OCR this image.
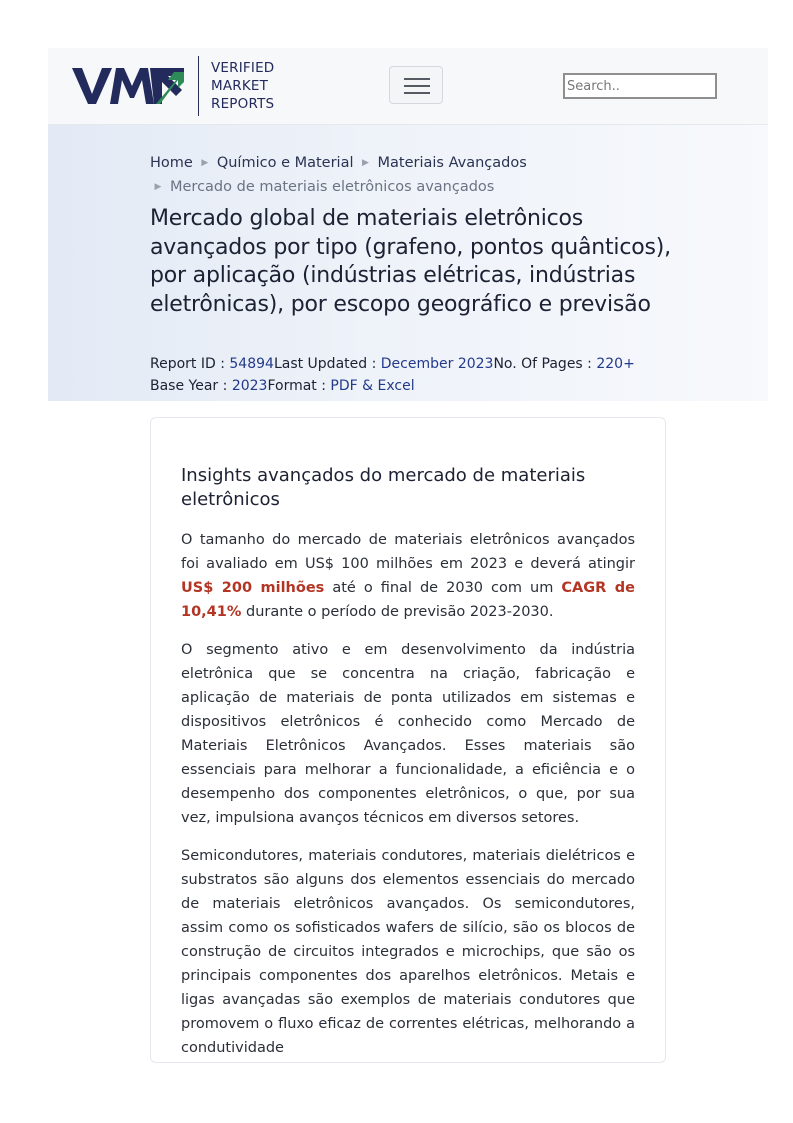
VERIFIED
MARKET
REPORTS
Search..
Home ▶ Químico e Material ▶ Materiais Avançados
▶ Mercado de materiais eletrônicos avançados
Mercado global de materiais eletrônicos avançados por tipo (grafeno, pontos quânticos), por aplicação (indústrias elétricas, indústrias eletrônicas), por escopo geográfico e previsão
Report ID : 54894Last Updated : December 2023No. Of Pages : 220+
Base Year : 2023Format : PDF & Excel
Insights avançados do mercado de materiais eletrônicos

O tamanho do mercado de materiais eletrônicos avançados foi avaliado em US$ 100 milhões em 2023 e deverá atingir US$ 200 milhões até o final de 2030 com um CAGR de 10,41% durante o período de previsão 2023-2030.

O segmento ativo e em desenvolvimento da indústria eletrônica que se concentra na criação, fabricação e aplicação de materiais de ponta utilizados em sistemas e dispositivos eletrônicos é conhecido como Mercado de Materiais Eletrônicos Avançados. Esses materiais são essenciais para melhorar a funcionalidade, a eficiência e o desempenho dos componentes eletrônicos, o que, por sua vez, impulsiona avanços técnicos em diversos setores.

Semicondutores, materiais condutores, materiais dielétricos e substratos são alguns dos elementos essenciais do mercado de materiais eletrônicos avançados. Os semicondutores, assim como os sofisticados wafers de silício, são os blocos de construção de circuitos integrados e microchips, que são os principais componentes dos aparelhos eletrônicos. Metais e ligas avançadas são exemplos de materiais condutores que promovem o fluxo eficaz de correntes elétricas, melhorando a condutividade
